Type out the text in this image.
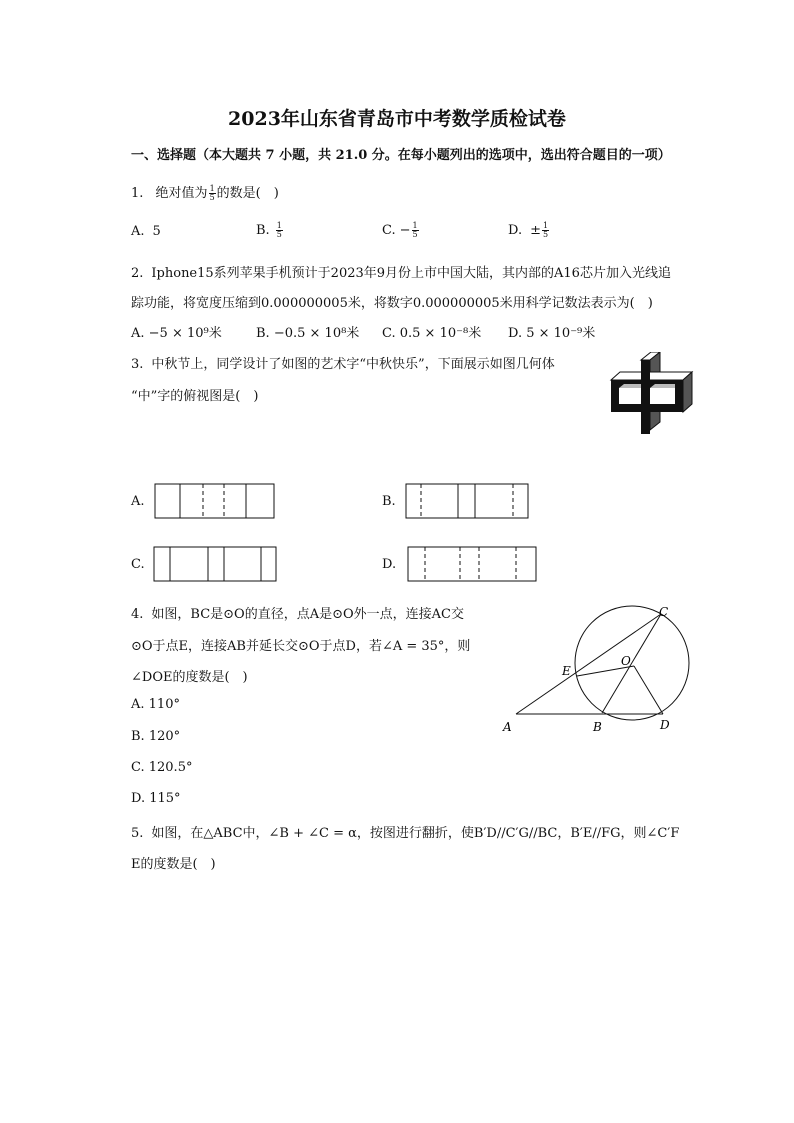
2023年山东省青岛市中考数学质检试卷
一、选择题（本大题共 7 小题，共 21.0 分。在每小题列出的选项中，选出符合题目的一项）
1. 绝对值为 $\frac{1}{5}$ 的数是(　)
A. 5	B. $\frac{1}{5}$	C. − $\frac{1}{5}$	D. ± $\frac{1}{5}$
2. Iphone15系列苹果手机预计于2023年9月份上市中国大陆，其内部的A16芯片加入光线追
踪功能，将宽度压缩到0.000000005米，将数字0.000000005米用科学记数法表示为(　)
A. −5 × 10⁹米	B. −0.5 × 10⁸米 C. 0.5 × 10⁻⁸米 D. 5 × 10⁻⁹米
3. 中秋节上，同学设计了如图的艺术字“中秋快乐”，下面展示如图几何体
“中”字的俯视图是(　)
A.	B.
C.	D.
4. 如图，BC是⊙O的直径，点A是⊙O外一点，连接AC交
⊙O于点E，连接AB并延长交⊙O于点D，若∠A = 35°，则
∠DOE的度数是(　)
A. 110°
B. 120°
C. 120.5°
D. 115°
C
O
E
A	B	D
5. 如图，在△ABC中，∠B + ∠C = α，按图进行翻折，使B′D//C′G//BC，B′E//FG，则∠C′F
E的度数是(　)
